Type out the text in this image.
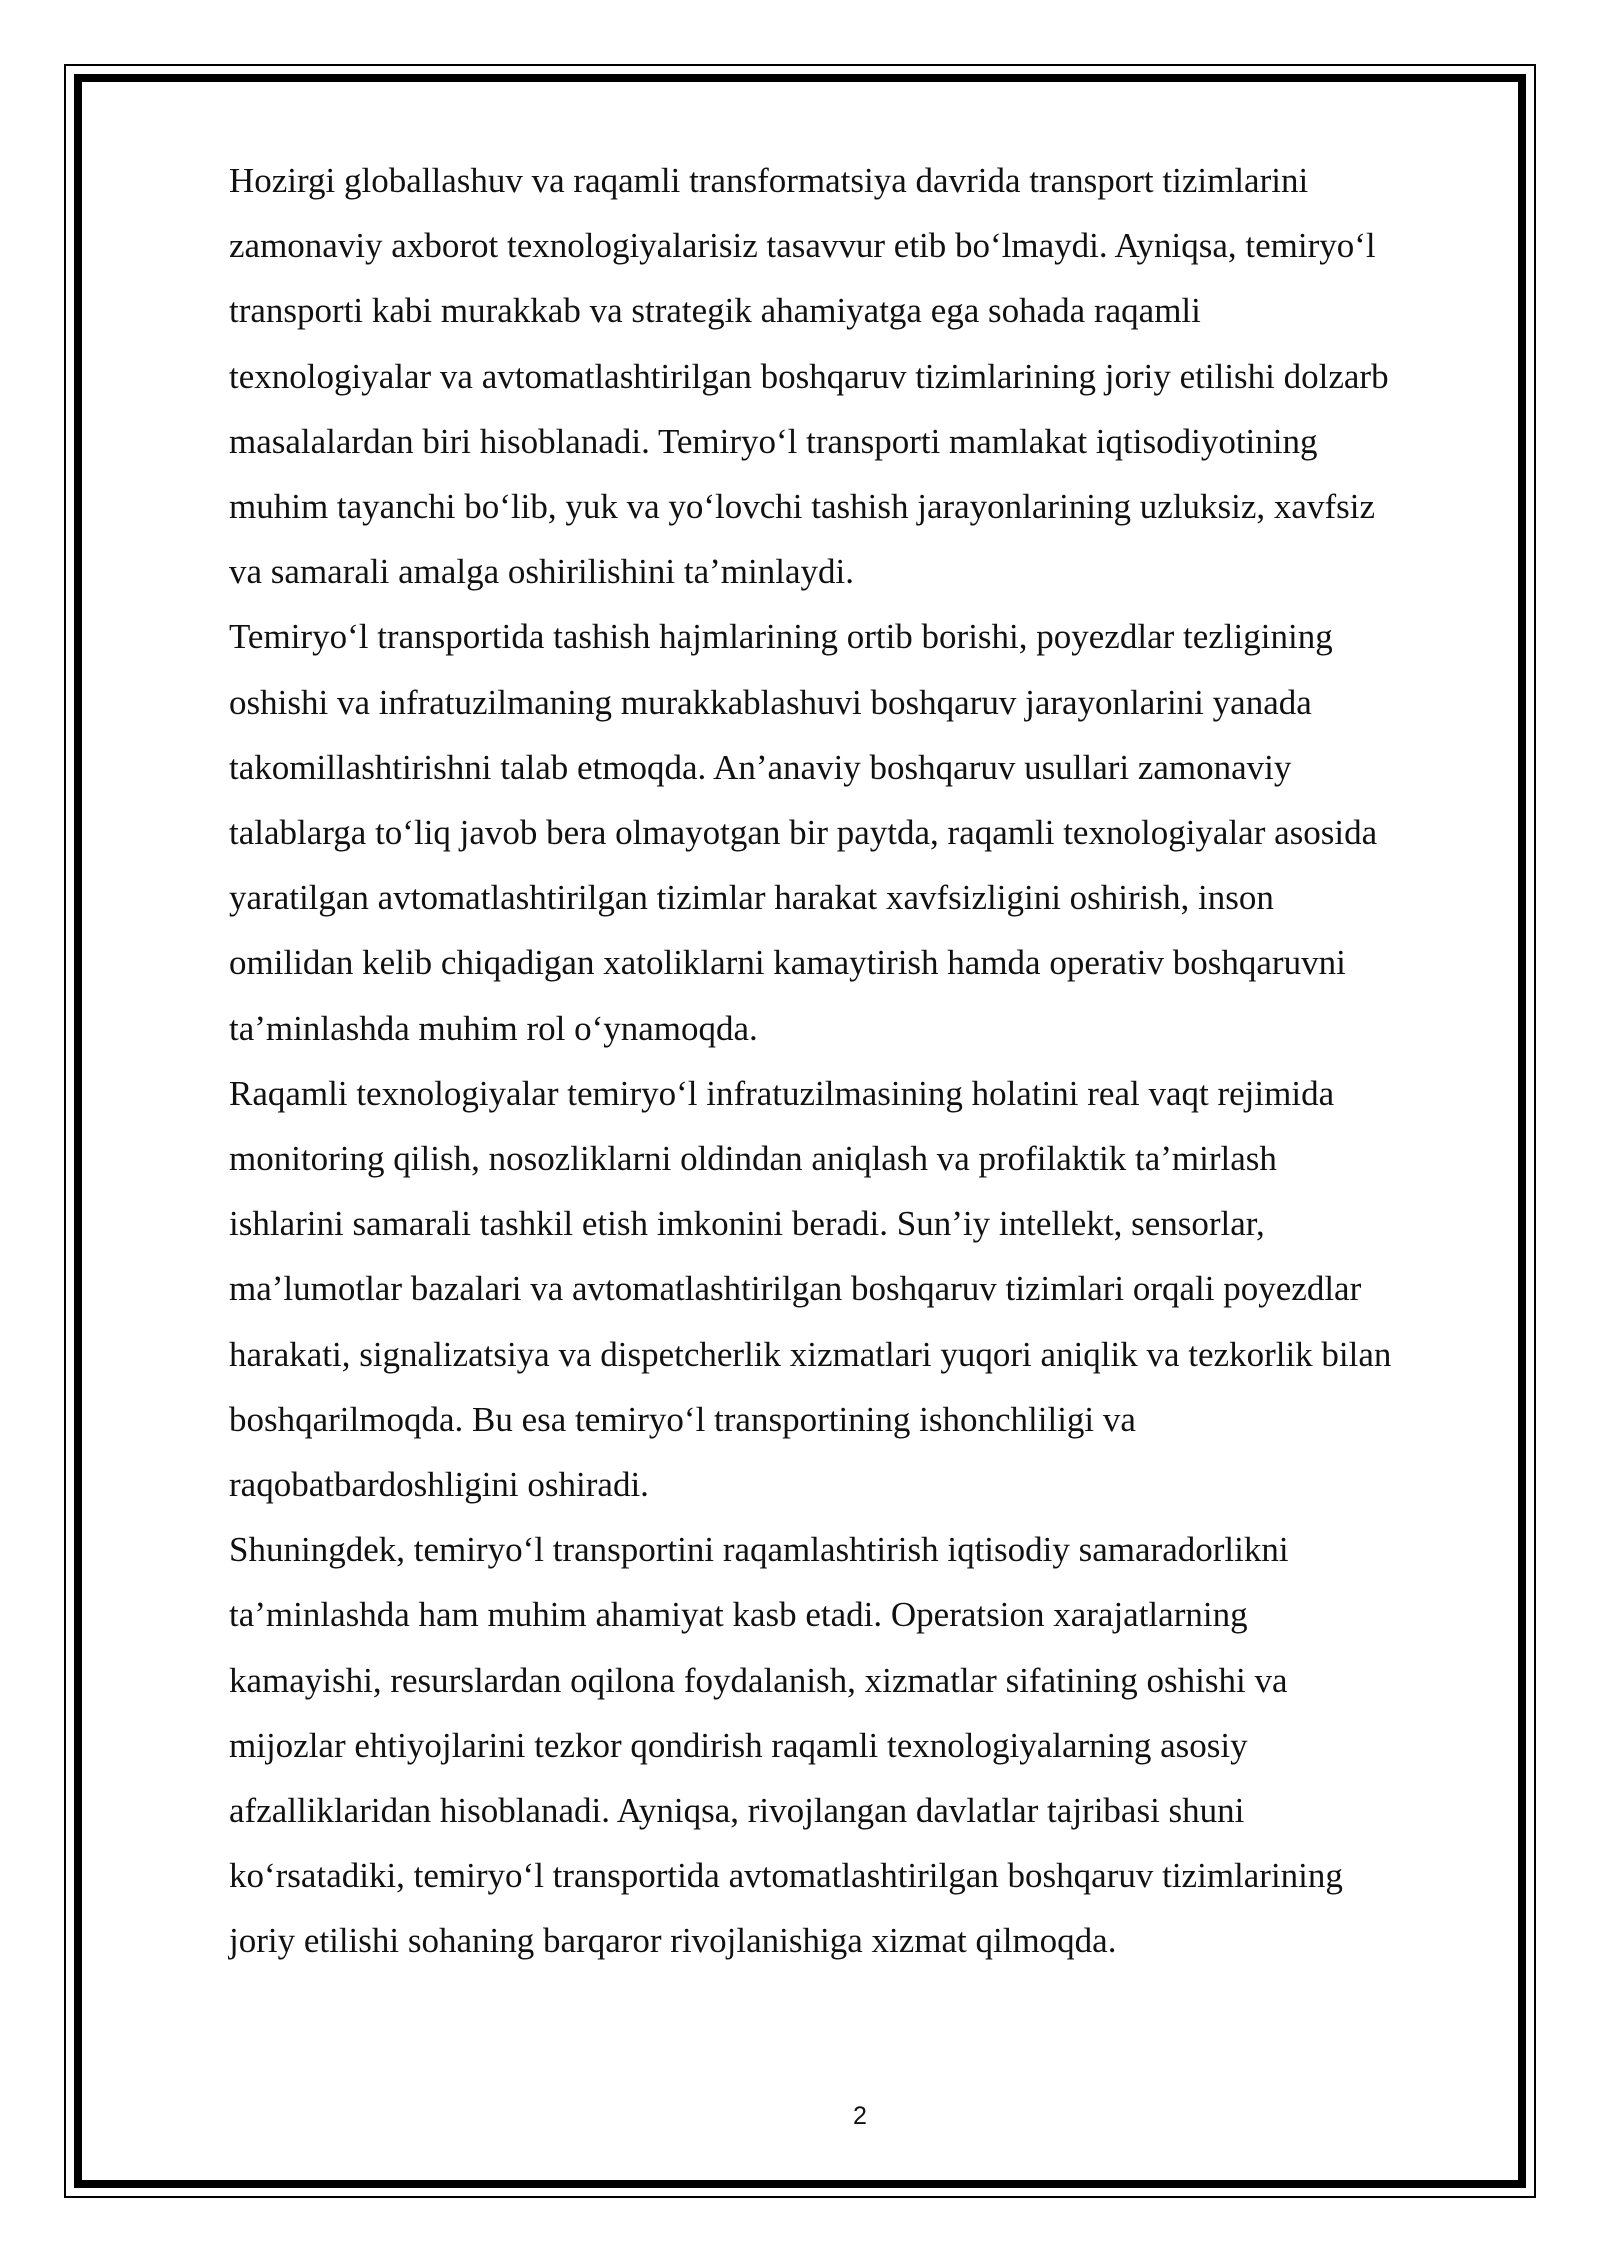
Hozirgi globallashuv va raqamli transformatsiya davrida transport tizimlarini
zamonaviy axborot texnologiyalarisiz tasavvur etib boʻlmaydi. Ayniqsa, temiryoʻl
transporti kabi murakkab va strategik ahamiyatga ega sohada raqamli
texnologiyalar va avtomatlashtirilgan boshqaruv tizimlarining joriy etilishi dolzarb
masalalardan biri hisoblanadi. Temiryoʻl transporti mamlakat iqtisodiyotining
muhim tayanchi boʻlib, yuk va yoʻlovchi tashish jarayonlarining uzluksiz, xavfsiz
va samarali amalga oshirilishini taʼminlaydi.

Temiryoʻl transportida tashish hajmlarining ortib borishi, poyezdlar tezligining
oshishi va infratuzilmaning murakkablashuvi boshqaruv jarayonlarini yanada
takomillashtirishni talab etmoqda. Anʼanaviy boshqaruv usullari zamonaviy
talablarga toʻliq javob bera olmayotgan bir paytda, raqamli texnologiyalar asosida
yaratilgan avtomatlashtirilgan tizimlar harakat xavfsizligini oshirish, inson
omilidan kelib chiqadigan xatoliklarni kamaytirish hamda operativ boshqaruvni
taʼminlashda muhim rol oʻynamoqda.

Raqamli texnologiyalar temiryoʻl infratuzilmasining holatini real vaqt rejimida
monitoring qilish, nosozliklarni oldindan aniqlash va profilaktik taʼmirlash
ishlarini samarali tashkil etish imkonini beradi. Sunʼiy intellekt, sensorlar,
maʼlumotlar bazalari va avtomatlashtirilgan boshqaruv tizimlari orqali poyezdlar
harakati, signalizatsiya va dispetcherlik xizmatlari yuqori aniqlik va tezkorlik bilan
boshqarilmoqda. Bu esa temiryoʻl transportining ishonchliligi va
raqobatbardoshligini oshiradi.

Shuningdek, temiryoʻl transportini raqamlashtirish iqtisodiy samaradorlikni
taʼminlashda ham muhim ahamiyat kasb etadi. Operatsion xarajatlarning
kamayishi, resurslardan oqilona foydalanish, xizmatlar sifatining oshishi va
mijozlar ehtiyojlarini tezkor qondirish raqamli texnologiyalarning asosiy
afzalliklaridan hisoblanadi. Ayniqsa, rivojlangan davlatlar tajribasi shuni
koʻrsatadiki, temiryoʻl transportida avtomatlashtirilgan boshqaruv tizimlarining
joriy etilishi sohaning barqaror rivojlanishiga xizmat qilmoqda.

2
